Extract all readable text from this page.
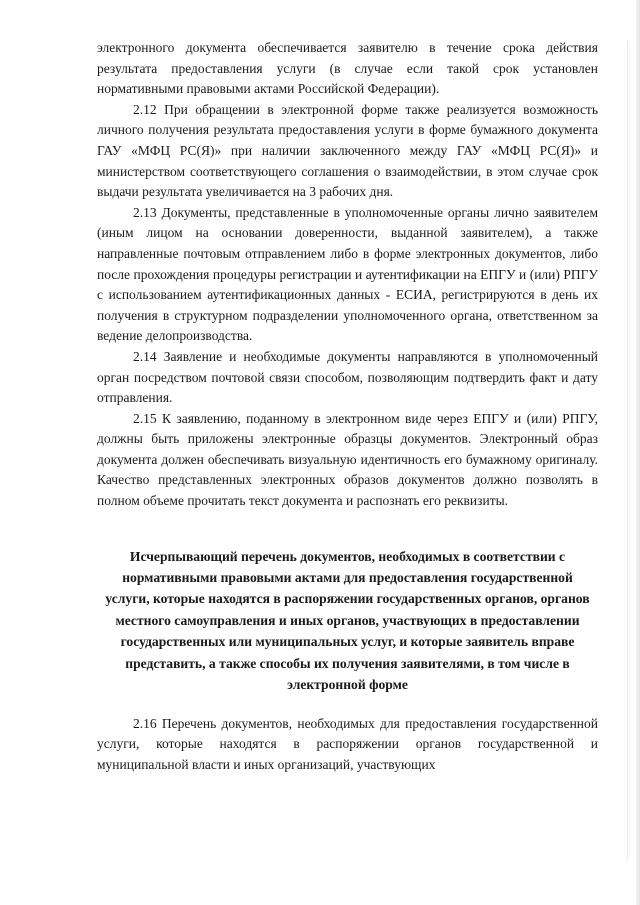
электронного документа обеспечивается заявителю в течение срока действия результата предоставления услуги (в случае если такой срок установлен нормативными правовыми актами Российской Федерации).

2.12 При обращении в электронной форме также реализуется возможность личного получения результата предоставления услуги в форме бумажного документа ГАУ «МФЦ РС(Я)» при наличии заключенного между ГАУ «МФЦ РС(Я)» и министерством соответствующего соглашения о взаимодействии, в этом случае срок выдачи результата увеличивается на 3 рабочих дня.

2.13 Документы, представленные в уполномоченные органы лично заявителем (иным лицом на основании доверенности, выданной заявителем), а также направленные почтовым отправлением либо в форме электронных документов, либо после прохождения процедуры регистрации и аутентификации на ЕПГУ и (или) РПГУ с использованием аутентификационных данных - ЕСИА, регистрируются в день их получения в структурном подразделении уполномоченного органа, ответственном за ведение делопроизводства.

2.14 Заявление и необходимые документы направляются в уполномоченный орган посредством почтовой связи способом, позволяющим подтвердить факт и дату отправления.

2.15 К заявлению, поданному в электронном виде через ЕПГУ и (или) РПГУ, должны быть приложены электронные образцы документов. Электронный образ документа должен обеспечивать визуальную идентичность его бумажному оригиналу. Качество представленных электронных образов документов должно позволять в полном объеме прочитать текст документа и распознать его реквизиты.

Исчерпывающий перечень документов, необходимых в соответствии с нормативными правовыми актами для предоставления государственной услуги, которые находятся в распоряжении государственных органов, органов местного самоуправления и иных органов, участвующих в предоставлении государственных или муниципальных услуг, и которые заявитель вправе представить, а также способы их получения заявителями, в том числе в электронной форме

2.16 Перечень документов, необходимых для предоставления государственной услуги, которые находятся в распоряжении органов государственной и муниципальной власти и иных организаций, участвующих
